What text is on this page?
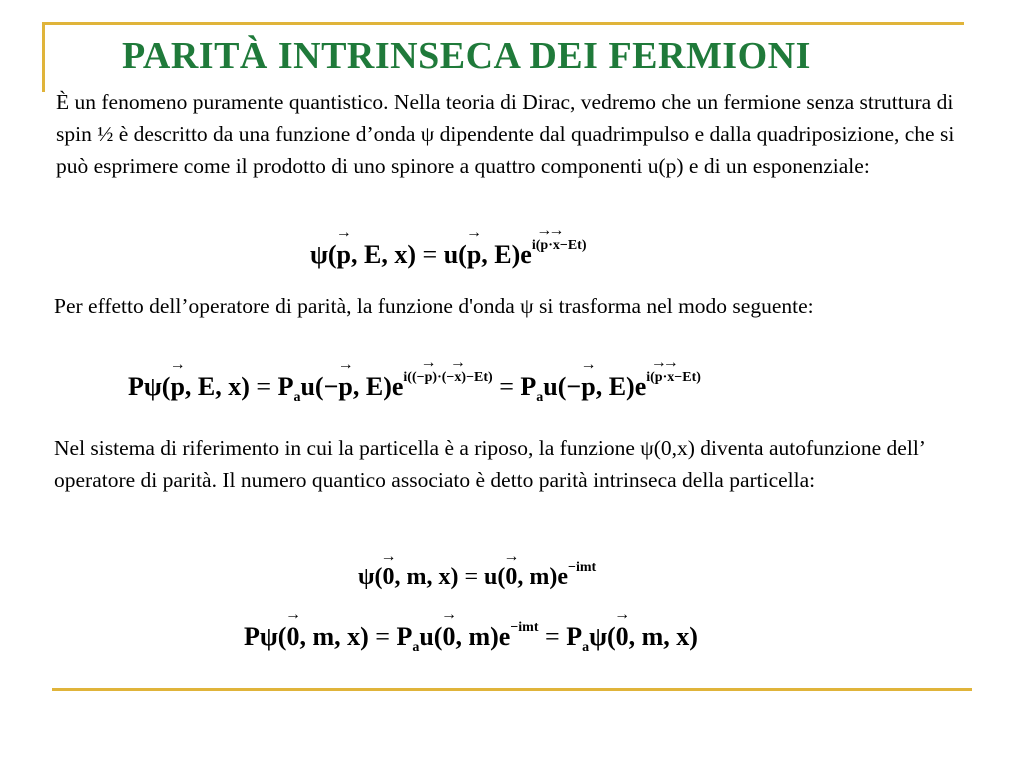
PARITÀ INTRINSECA DEI FERMIONI
È un fenomeno puramente quantistico. Nella teoria di Dirac, vedremo che un fermione senza struttura di spin ½ è descritto da una funzione d’onda ψ dipendente dal quadrimpulso e dalla quadriposizione, che si può esprimere come il prodotto di uno spinore a quattro componenti u(p) e di un esponenziale:
ψ(→ p, E, x) = u(→ p, $E)e^{i(\to p\cdot\to x-Et)}$
Per effetto dell’operatore di parità, la funzione d'onda ψ si trasforma nel modo seguente:
Pψ(→ p, E, $x) = P_au(-\to p$, $E)e^{i((-\to p)\cdot(-\to x)-Et)} = P_au(-\to p$, $E)e^{i(\to p\cdot\to x-Et)}$
Nel sistema di riferimento in cui la particella è a riposo, la funzione ψ(0,x) diventa autofunzione dell’ operatore di parità. Il numero quantico associato è detto parità intrinseca della particella:
ψ(→ 0, m, x) = u(→ 0, $m)e^{-imt}$
Pψ(→ 0, m, $x) = P_au(\to 0$, $m)e^{-imt} = P_a\psi(\to 0$, m, x)
